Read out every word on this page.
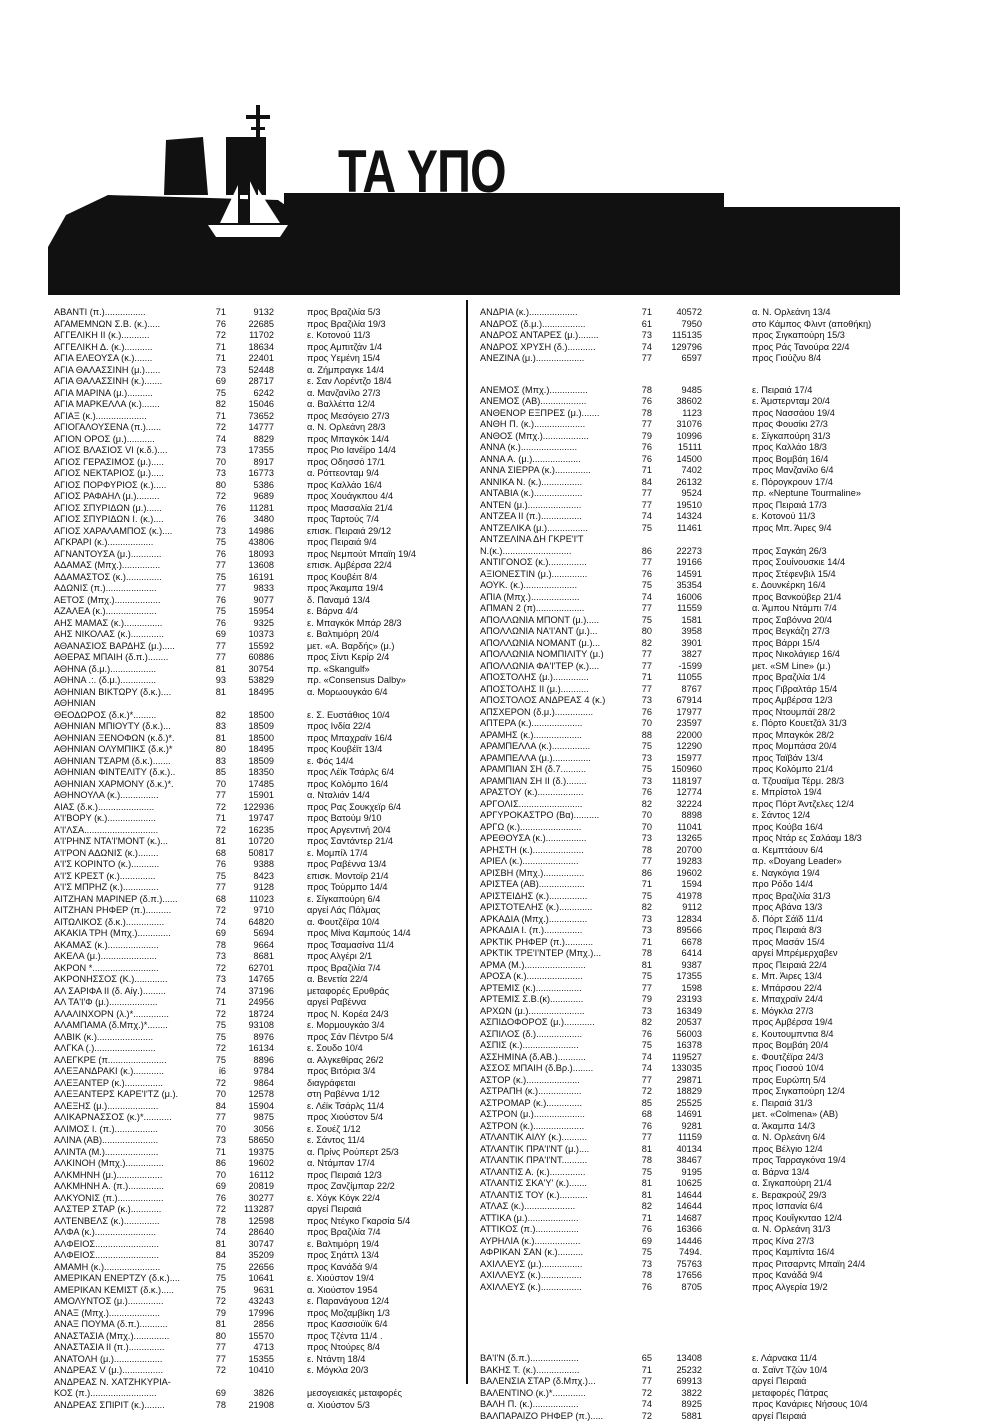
ΤΑ ΥΠΟ
ΞΕΝΗ ΣΗΜΑΙΑ
ΑΒΑΝΤΙ (π.)................	71	9132	προς Βραζιλία 5/3
ΑΓΑΜΕΜΝΩΝ Σ.Β. (κ.).....	76	22685	προς Βραζιλία 19/3
ΑΓΓΕΛΙΚΗ ΙΙ (κ.)...........	72	11702	ε. Κοτονού 11/3
ΑΓΓΕΛΙΚΗ Δ. (κ.)...........	71	18634	προς Αμπιτζάν 1/4
ΑΓΙΑ ΕΛΕΟΥΣΑ (κ.).......	71	22401	προς Υεμένη 15/4
ΑΓΙΑ ΘΑΛΑΣΣΙΝΗ (μ.)......	73	52448	α. Ζήμπραγκε 14/4
ΑΓΙΑ ΘΑΛΑΣΣΙΝΗ (κ.).......	69	28717	ε. Σαν Λορέντζο 18/4
ΑΓΙΑ ΜΑΡΙΝΑ (μ.)..........	75	6242	α. Μανζανίλο 27/3
ΑΓΙΑ ΜΑΡΚΕΛΛΑ (κ.).......	82	15046	α. Βαλλέττα 12/4
ΑΓΙΑΞ (κ.)....................	71	73652	προς Μεσόγειο 27/3
ΑΓΙΟΓΑΛΟΥΣΕΝΑ (π.)......	72	14777	α. Ν. Ορλεάνη 28/3
ΑΓΙΟΝ ΟΡΟΣ (μ.)...........	74	8829	προς Μπαγκόκ 14/4
ΑΓΙΟΣ ΒΛΑΣΙΟΣ VI (κ.δ.)....	73	17355	προς Ριο Ιανέϊρο 14/4
ΑΓΙΟΣ ΓΕΡΑΣΙΜΟΣ (μ.).....	70	8917	προς Οδησσό 17/1
ΑΓΙΟΣ ΝΕΚΤΑΡΙΟΣ (μ.).....	73	16773	α. Ρόττεονταμ 9/4
ΑΓΙΟΣ ΠΟΡΦΥΡΙΟΣ (κ.).....	80	5386	προς Καλλάο 16/4
ΑΓΙΟΣ ΡΑΦΑΗΛ (μ.).........	72	9689	προς Χουάγκπου 4/4
ΑΓΙΟΣ ΣΠΥΡΙΔΩΝ (μ.)......	76	11281	προς Μασσαλία 21/4
ΑΓΙΟΣ ΣΠΥΡΙΔΩΝ Ι. (κ.)....	76	3480	προς Ταρτούς 7/4
ΑΓΙΟΣ ΧΑΡΑΛΑΜΠΟΣ (κ.)....	73	14986	επισκ. Πειραιά 29/12
ΑΓΚΡΑΡΙ (κ.)..................	75	43806	προς Πειραιά 9/4
ΑΓΝΑΝΤΟΥΣΑ (μ.)............	76	18093	προς Νεμπούτ Μπαϊη 19/4
ΑΔΑΜΑΣ (Μπχ.)...............	77	13608	επισκ. Αμβέρσα 22/4
ΑΔΑΜΑΣΤΟΣ (κ.)..............	75	16191	προς Κουβέιτ 8/4
ΑΔΩΝΙΣ (π.)....................	77	9833	προς Άκαμπα 19/4
ΑΕΤΟΣ (Μπχ.)..................	76	9077	δ. Παναμά 13/4
ΑΖΑΛΕΑ (κ.)....................	75	15954	ε. Βάρνα 4/4
ΑΗΣ ΜΑΜΑΣ (κ.)...............	76	9325	ε. Μπαγκόκ Μπάρ 28/3
ΑΗΣ ΝΙΚΟΛΑΣ (κ.).............	69	10373	ε. Βαλτιμόρη 20/4
ΑΘΑΝΑΣΙΟΣ ΒΑΡΔΗΣ (μ.).....	77	15592	μετ. «Α. Βαρδής» (μ.)
ΑΘΕΡΑΣ ΜΠΑΙΗ (δ.π.)........	77	60886	προς Σίντι Κερίρ 2/4
ΑΘΗΝΑ (δ.μ.)..................	81	30754	πρ. «Skangulf»
ΑΘΗΝΑ .:. (δ.μ.)..............	93	53829	πρ. «Consensus Dalby»
ΑΘΗΝΙΑΝ ΒΙΚΤΩΡΥ (δ.κ.)....	81	18495	α. Μορωουγκάο 6/4
ΑΘΗΝΙΑΝ
ΘΕΟΔΩΡΟΣ (δ.κ.)*.........	82	18500	ε. Σ. Ευστάθιος 10/4
ΑΘΗΝΙΑΝ ΜΠΙΟΥΤΥ (δ.κ.)...	83	18509	προς Ινδία 22/4
ΑΘΗΝΙΑΝ ΞΕΝΟΦΩΝ (κ.δ.)*.	81	18500	προς Μπαχραϊν 16/4
ΑΘΗΝΙΑΝ ΟΛΥΜΠΙΚΣ (δ.κ.)*	80	18495	προς Κουβέϊτ 13/4
ΑΘΗΝΙΑΝ ΤΣΑΡΜ (δ.κ.).......	83	18509	ε. Φός 14/4
ΑΘΗΝΙΑΝ ΦΙΝΤΕΛΙΤΥ (δ.κ.)..	85	18350	προς Λέϊκ Τσάρλς 6/4
ΑΘΗΝΙΑΝ ΧΑΡΜΟΝΥ (δ.κ.)*.	70	17485	προς Κολόμπο 16/4
ΑΘΗΝΟΥΛΑ (κ.)...............	77	15901	α. Νταλιάν 14/4
ΑΙΑΣ (δ.κ.)......................	72	122936	προς Ρας Σουκχεϊρ 6/4
Α'Ι'ΒΟΡΥ (κ.)...................	71	19747	προς Βατούμ 9/10
Α'Ι'ΛΣΑ.............................	72	16235	προς Αργεντινή 20/4
Α'Ι'ΡΗΝΣ ΝΤΑ'Ι'ΜΟΝΤ (κ.)...	81	10720	προς Σαντάντερ 21/4
Α'Ι'ΡΟΝ ΑΔΩΝΙΣ (κ.)........	68	50817	ε. Μομπίλ 17/4
Α'Ι'Σ ΚΟΡΙΝΤΟ (κ.)...........	76	9388	προς Ραβέννα 13/4
Α'Ι'Σ ΚΡΕΣΤ (κ.)..............	75	8423	επισκ. Μοντοϊρ 21/4
Α'Ι'Σ ΜΠΡΗΖ (κ.)..............	77	9128	προς Τούρμπο 14/4
ΑΙΤΖΗΑΝ ΜΑΡΙΝΕΡ (δ.π.)......	68	11023	ε. Σίγκαπούρη 6/4
ΑΙΤΖΗΑΝ ΡΗΦΕΡ (π.)..........	72	9710	αργεί Λάς Πάλμας
ΑΙΤΩΛΙΚΟΣ (δ.κ.)...............	74	64820	α. Φουτζέϊρα 10/4
ΑΚΑΚΙΑ ΤΡΗ (Μπχ.).............	69	5694	προς Μίνα Καμπούς 14/4
ΑΚΑΜΑΣ (κ.)....................	78	9664	προς Τσαμασίνα 11/4
ΑΚΕΛΑ (μ.)......................	73	8681	προς Αλγέρι 2/1
ΑΚΡΟΝ *..........................	72	62701	προς Βραζιλία 7/4
ΑΚΡΟΝΗΣΣΟΣ (Κ.).............	73	14765	α. Βενετία 22/4
ΑΛ ΣΑΡΙΦΑ ΙΙ (δ. Αίγ.).........	74	37196	μεταφορές Ερυθράς
ΑΛ ΤΑ'Ι'Φ (μ.)...................	71	24956	αργεί Ραβέννα
ΑΛΑΛΙΝΧΟΡΝ (λ.)*..............	72	18724	προς Ν. Κορέα 24/3
ΑΛΑΜΠΑΜΑ (δ.Μπχ.)*........	75	93108	ε. Μορμουγκάο 3/4
ΑΛΒΙΚ (κ.)......................	75	8976	προς Σάν Πέντρο 5/4
ΑΛΓΚΑ (.)........................	72	16134	ε. Σουδο 10/4
ΑΛΕΓΚΡΕ (π.......................	75	8896	α. Αλγκεθίρας 26/2
ΑΛΕΞΑΝΔΡΑΚΙ (κ.)............	ί6	9784	προς Βιτόρια 3/4
ΑΛΕΞΑΝΤΕΡ (κ.)...............	72	9864	διαγράφεται
ΑΛΕΞΑΝΤΕΡΣ ΚΑΡΕ'Ι'ΤΖ (μ.).	70	12578	στη Ραβέννα 1/12
ΑΛΕΞΗΣ (μ.)....................	84	15904	ε. Λέϊκ Τσάρλς 11/4
ΑΛΙΚΑΡΝΑΣΣΟΣ (κ.)*...........	77	9875	προς Χιούστον 5/4
ΑΛΙΜΟΣ Ι. (π.).................	70	3056	ε. Σουέζ 1/12
ΑΛΙΝΑ (ΑΒ)......................	73	58650	ε. Σάντος 11/4
ΑΛΙΝΤΑ (Μ.).....................	71	19375	α. Πρίνς Ρούπερτ 25/3
ΑΛΚΙΝΟΗ (Μπχ.)...............	86	19602	α. Ντάμπαν 17/4
ΑΛΚΜΗΝΗ (μ.)..................	70	16112	προς Πειραιά 12/3
ΑΛΚΜΗΝΗ Α. (π.)..............	69	20819	προς Ζανζίμπαρ 22/2
ΑΛΚΥΟΝΙΣ (π.)..................	76	30277	ε. Χόγκ Κόγκ 22/4
ΑΛΣΤΕΡ ΣΤΑΡ (κ.)............	72	113287	αργεί Πειραιά
ΑΛΤΕΝΒΕΛΣ (κ.)..............	78	12598	προς Ντέγκο Γκαρσία 5/4
ΑΛΦΑ (κ.)........................	74	28640	προς Βραζιλία 7/4
ΑΛΦΕΙΟΣ.........................	81	30747	ε. Βαλτιμόρη 19/4
ΑΛΦΕΙΟΣ.........................	84	35209	προς Σηάττλ 13/4
ΑΜΑΜΗ (κ.)......................	75	22656	προς Κανάδά 9/4
ΑΜΕΡΙΚΑΝ ΕΝΕΡΤΖΥ (δ.κ.)....	75	10641	ε. Χιούστον 19/4
ΑΜΕΡΙΚΑΝ ΚΕΜΙΣΤ (δ.κ.).....	75	9631	α. Χιούστον 1954
ΑΜΟΛΥΝΤΟΣ (μ.)..............	72	43243	ε. Παρανάγουα 12/4
ΑΝΑΞ (Μπχ.)....................	79	17996	προς Μοζαμβίκη 1/3
ΑΝΑΞ ΠΟΥΜΑ (δ.π.)...........	81	2856	προς Κασσιούϊκ 6/4
ΑΝΑΣΤΑΣΙΑ (Μπχ.)..............	80	15570	προς Τζέντα 11/4 .
ΑΝΑΣΤΑΣΙΑ ΙΙ (π.)..............	77	4713	προς Ντούρες 8/4
ΑΝΑΤΟΛΗ (μ.)...................	77	15355	ε. Ντάντη 18/4
ΑΝΔΡΕΑΣ V (μ.)................	72	10410	ε. Μόγκλα 20/3
ΑΝΔΡΕΑΣ Ν. ΧΑΤΖΗΚΥΡΙΑ-
ΚΟΣ (π.)..........................	69	3826	μεσογειακές μεταφορές
ΑΝΔΡΕΑΣ ΣΠΙΡΙΤ (κ.)........	78	21908	α. Χιούστον 5/3
ΑΝΔΡΙΑ (κ.)...................	71	40572	α. Ν. Ορλεάνη 13/4
ΑΝΔΡΟΣ (δ.μ.).................	61	7950	στο Κάμπος Φλιντ (αποθήκη)
ΑΝΔΡΟΣ ΑΝΤΑΡΕΣ (μ.)........	73	115135	προς Σιγκαπούρη 15/3
ΑΝΔΡΟΣ ΧΡΥΣΗ (δ.)...........	74	129796	προς Ράς Τανούρα 22/4
ΑΝΕΖΙΝΑ (μ.)...................	77	6597	προς Γιούζνυ 8/4
ΑΝΕΜΟΣ (Μπχ.)...............	78	9485	ε. Πειραιά 17/4
ΑΝΕΜΟΣ (ΑΒ)..................	76	38602	ε. Άμστερνταμ 20/4
ΑΝΘΕΝΟΡ ΕΞΠΡΕΣ (μ.).......	78	1123	προς Νασσάου 19/4
ΑΝΘΗ Π. (κ.)....................	77	31076	προς Φουσίκι 27/3
ΑΝΘΟΣ (Μπχ.)..................	79	10996	ε. Σίγκαπούρη 31/3
ΑΝΝΑ (κ.)......................	76	15111	προς Καλλάο 18/3
ΑΝΝΑ Α. (μ.)...................	76	14500	προς Βομβάη 16/4
ΑΝΝΑ ΣΙΕΡΡΑ (κ.)..............	71	7402	προς Μανζανίλο 6/4
ΑΝΝΙΚΑ Ν. (κ.)................	84	26132	ε. Πόρογκρουν 17/4
ΑΝΤΑΒΙΑ (κ.)...................	77	9524	πρ. «Neptune Tourmaline»
ΑΝΤΕΝ (μ.).....................	77	19510	προς Πειραιά 17/3
ΑΝΤΖΕΑ ΙΙ (π.)................	74	14324	ε. Κοτονού 11/3
ΑΝΤΖΕΛΙΚΑ (μ.)................	75	11461	προς Μπ. Άιρες 9/4
ΑΝΤΖΕΛΙΝΑ ΔΗ ΓΚΡΕ'Ι'Τ
Ν.(κ.)...........................	86	22273	προς Σαγκάη 26/3
ΑΝΤΙΓΟΝΟΣ (κ.)...............	77	19166	προς Σουίνουσκιε 14/4
ΑΞΙΟΝΕΣΤΙΝ (μ.)..............	76	14591	προς Στέφενβιλ 15/4
ΑΟΥΚ. (κ.).....................	75	35354	ε. Δουνκέρκη 16/4
ΑΠΙΑ (Μπχ.)...................	74	16006	προς Βανκούβερ 21/4
ΑΠΜΑΝ 2 (π)...................	77	11559	α. Άμπου Ντάμπι 7/4
ΑΠΟΛΛΩΝΙΑ ΜΠΟΝΤ (μ.).....	75	1581	προς Σαβόννα 20/4
ΑΠΟΛΛΩΝΙΑ ΝΑ'Ι'ΑΝΤ (μ.)...	80	3958	προς Βεγκάζη 27/3
ΑΠΟΛΛΩΝΙΑ ΝΟΜΑΝΤ (μ.)...	82	3901	προς Βάρρι 15/4
ΑΠΟΛΛΩΝΙΑ ΝΟΜΠΙΛΙΤΥ (μ.)	77	3827	προς Νικολάγιερ 16/4
ΑΠΟΛΛΩΝΙΑ ΦΑ'Ι'ΤΕΡ (κ.)....	77	-1599	μετ. «SM Line» (μ.)
ΑΠΟΣΤΟΛΗΣ (μ.)..............	71	11055	προς Βραζιλία 1/4
ΑΠΟΣΤΟΛΗΣ ΙΙ (μ.)...........	77	8767	προς Γιβραλτάρ 15/4
ΑΠΟΣΤΟΛΟΣ ΑΝΔΡΕΑΣ 4 (κ.)	73	67914	προς Αμβέρσα 12/3
ΑΠΣΧΕΡΟΝ (δ.μ.)...............	76	17977	προς Ντουμπάϊ 28/2
ΑΠΤΕΡΑ (κ.)....................	70	23597	ε. Πόρτο Κουετζάλ 31/3
ΑΡΑΜΗΣ (κ.)...................	88	22000	προς Μπαγκόκ 28/2
ΑΡΑΜΠΕΛΛΑ (κ.)...............	75	12290	προς Μομπάσα 20/4
ΑΡΑΜΠΕΛΛΑ (μ.)...............	73	15977	προς Ταϊβάν 13/4
ΑΡΑΜΠΙΑΝ ΣΗ (δ.7..........	75	150960	προς Κολόμπο 21/4
ΑΡΑΜΠΙΑΝ ΣΗ ΙΙ (δ.)........	73	118197	α. Τζουαϊμα Τέρμ. 28/3
ΑΡΑΣΤΟΥ (κ.)..................	76	12774	ε. Μπρίστολ 19/4
ΑΡΓΟΛΙΣ.........................	82	32224	προς Πόρτ Άντζελες 12/4
ΑΡΓΥΡΟΚΑΣΤΡΟ (Βα)..........	70	8898	ε. Σάντος 12/4
ΑΡΓΩ (κ.)........................	70	11041	προς Κούβα 16/4
ΑΡΕΘΟΥΣΑ (κ.)................	73	13265	προς Ντάρ ες Σαλάαμ 18/3
ΑΡΗΣΤΗ (κ.)....................	78	20700	α. Κεμπτάουν 6/4
ΑΡΙΕΛ (κ.)......................	77	19283	πρ. «Doyang Leader»
ΑΡΙΣΒΗ (Μπχ.)................	86	19602	ε. Ναγκόγια 19/4
ΑΡΙΣΤΕΑ (ΑΒ)..................	71	1594	προ Ρόδο 14/4
ΑΡΙΣΤΕΙΔΗΣ (κ.)...............	75	41978	προς Βραζιλία 31/3
ΑΡΙΣΤΟΤΕΛΗΣ (κ.).............	82	9112	προς Αβάνα 13/3
ΑΡΚΑΔΙΑ (Μπχ.)...............	73	12834	δ. Πόρτ Σάϊδ 11/4
ΑΡΚΑΔΙΑ Ι. (π.)...............	73	89566	προς Πειραιά 8/3
ΑΡΚΤΙΚ ΡΗΦΕΡ (π.)...........	71	6678	προς Μασάν 15/4
ΑΡΚΤΙΚ ΤΡΕ'Ι'ΝΤΕΡ (Μπχ.)...	78	6414	αργεί Μπρέμερχαβεν
ΑΡΜΑ (Μ.)........................	81	9387	προς Πειραιά 22/4
ΑΡΟΣΑ (κ.)......................	75	17355	ε. Μπ. Άιρες 13/4
ΑΡΤΕΜΙΣ (κ.)..................	77	1598	ε. Μπάρσου 22/4
ΑΡΤΕΜΙΣ Σ.Β.(κ).............	79	23193	ε. Μπαχραϊν 24/4
ΑΡΧΩΝ (μ.)......................	73	16349	ε. Μόγκλα 27/3
ΑΣΠΙΔΟΦΟΡΟΣ (μ.)............	82	20537	προς Αμβέρσα 19/4
ΑΣΠΙΛΟΣ (δ.)..................	76	56003	ε. Κουτουμπντια 8/4
ΑΣΠΙΣ (κ.)......................	75	16378	προς Βομβάη 20/4
ΑΣΣΗΜΙΝΑ (δ.ΑΒ.)...........	74	119527	ε. Φουτζέϊρα 24/3
ΑΣΣΟΣ ΜΠΑΙΗ (δ.Βρ.)........	74	133035	προς Γιοσού 10/4
ΑΣΤΟΡ (κ.).....................	77	29871	προς Ευρώπη 5/4
ΑΣΤΡΑΠΗ (κ.).................	72	18829	προς Σιγκαπούρη 12/4
ΑΣΤΡΟΜΑΡ (κ.)..............	85	25525	ε. Πειραιά 31/3
ΑΣΤΡΟΝ (μ.)....................	68	14691	μετ. «Colmena» (ΑΒ)
ΑΣΤΡΟΝ (κ.)....................	76	9281	α. Άκαμπα 14/3
ΑΤΛΑΝΤΙΚ ΑΙΛΥ (κ.)..........	77	11159	α. Ν. Ορλεάνη 6/4
ΑΤΛΑΝΤΙΚ ΠΡΑ'Ι'ΝΤ (μ.)....	81	40134	προς Βέλγιο 12/4
ΑΤΛΑΝΤΙΚ ΠΡΑ'Ι'ΝΤ..........	78	38467	προς Ταρραγκόνα 19/4
ΑΤΛΑΝΤΙΣ Α. (κ.)..............	75	9195	α. Βάρνα 13/4
ΑΤΛΑΝΤΙΣ ΣΚΑ'Υ' (κ.).......	81	10625	α. Σιγκαπούρη 21/4
ΑΤΛΑΝΤΙΣ ΤΟΥ (κ.)...........	81	14644	ε. Βερακρούζ 29/3
ΑΤΛΑΣ (κ.)....................	82	14644	προς Ισπανία 6/4
ΑΤΤΙΚΑ (μ.)....................	71	14687	προς Κουΐγκνταο 12/4
ΑΤΤΙΚΟΣ (π.).................	76	16366	α. Ν. Ορλεάνη 31/3
ΑΥΡΗΛΙΑ (κ.)..................	69	14446	προς Κίνα 27/3
ΑΦΡΙΚΑΝ ΣΑΝ (κ.)..........	75	7494.	προς Καμπίντα 16/4
ΑΧΙΛΛΕΥΣ (μ.)................	73	75763	προς Ριτσαρντς Μπαϊη 24/4
ΑΧΙΛΛΕΥΣ (κ.)................	78	17656	προς Κανάδά 9/4
ΑΧΙΛΛΕΥΣ (κ.)................	76	8705	προς Αλγερία 19/2
ΒΑ'Ι'Ν (δ.π.)...................	65	13408	ε. Λάρνακα 11/4
ΒΑΚΗΣ Τ. (κ.).................	71	25232	α. Σαϊντ Τζών 10/4
ΒΑΛΕΝΣΙΑ ΣΤΑΡ (δ.Μπχ.)...	77	69913	αργεί Πειραιά
ΒΑΛΕΝΤΙΝΟ (κ.)*.............	72	3822	μεταφορές Πάτρας
ΒΑΛΗ Π. (κ.)..................	74	8925	προς Κανάριες Νήσους 10/4
ΒΑΛΠΑΡΑΙΖΟ ΡΗΦΕΡ (π.).....	72	5881	αργεί Πειραιά
